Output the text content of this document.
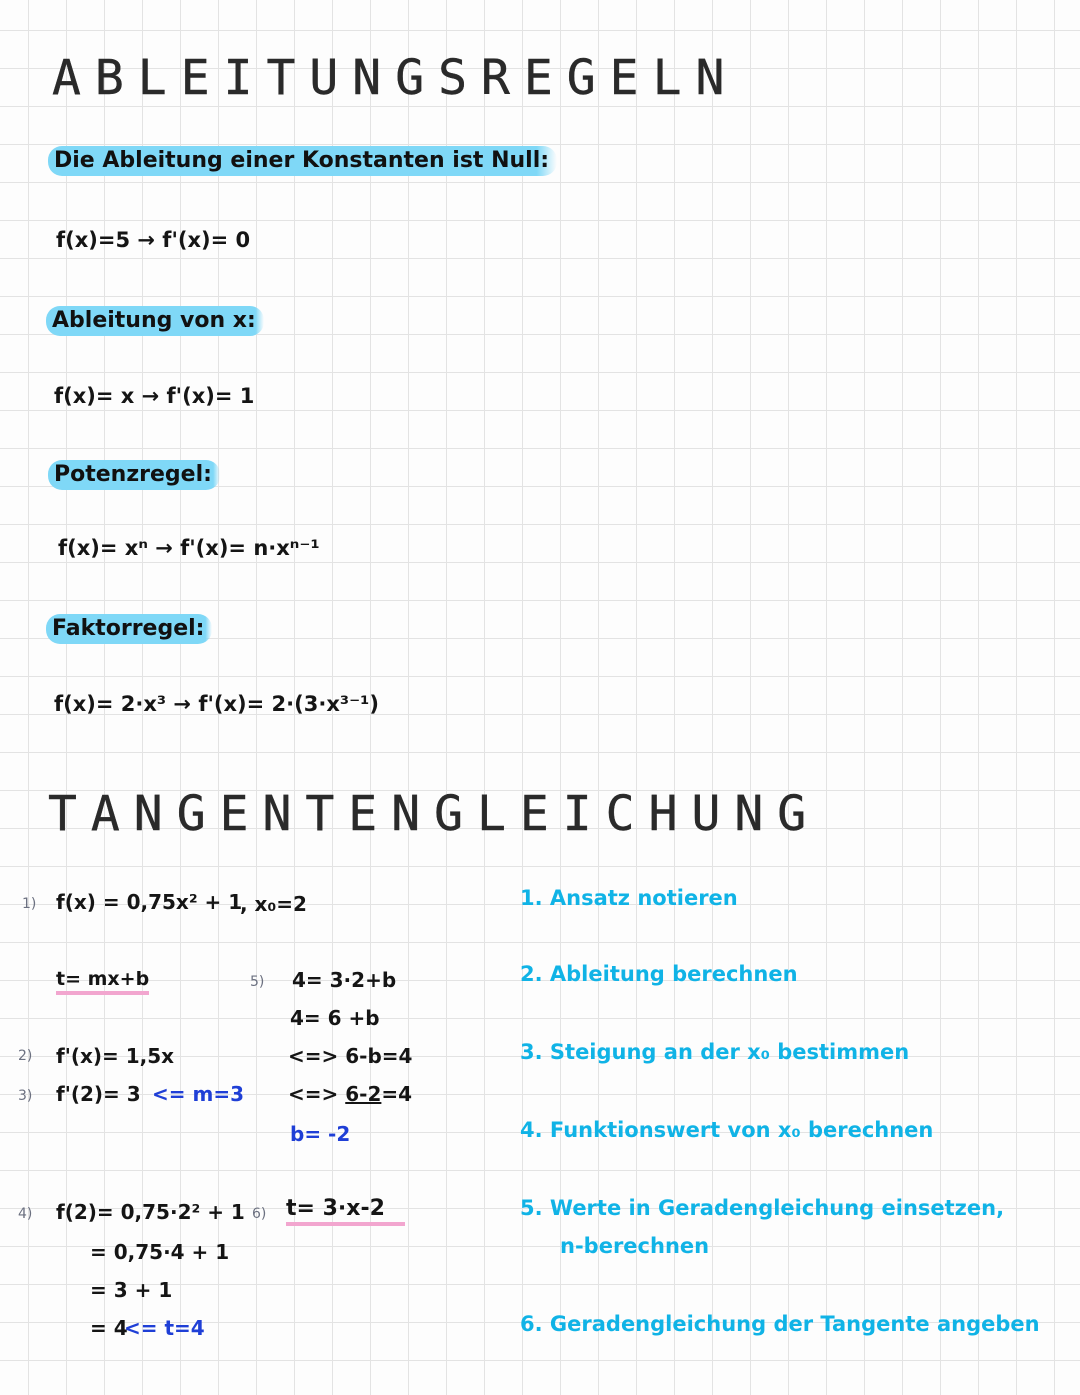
ABLEITUNGSREGELN
Die Ableitung einer Konstanten ist Null:
f(x)=5 → f'(x)= 0
Ableitung von x:
f(x)= x → f'(x)= 1
Potenzregel:
f(x)= xⁿ → f'(x)= n·xⁿ⁻¹
Faktorregel:
f(x)= 2·x³ → f'(x)= 2·(3·x³⁻¹)
TANGENTENGLEICHUNG
1) f(x) = 0,75x² + 1
, x₀=2
t= mx+b
2) f'(x)= 1,5x
3) f'(2)= 3 <= m=3
4) f(2)= 0,75·2² + 1
= 0,75·4 + 1
= 3 + 1
= 4
<= t=4
5) 4= 3·2+b
4= 6 +b
<=> 6-b=4
<=> 6-2=4
b= -2
6) t= 3·x-2
1. Ansatz notieren
2. Ableitung berechnen
3. Steigung an der x₀ bestimmen
4. Funktionswert von x₀ berechnen
5. Werte in Geradengleichung einsetzen,
n-berechnen
6. Geradengleichung der Tangente angeben
